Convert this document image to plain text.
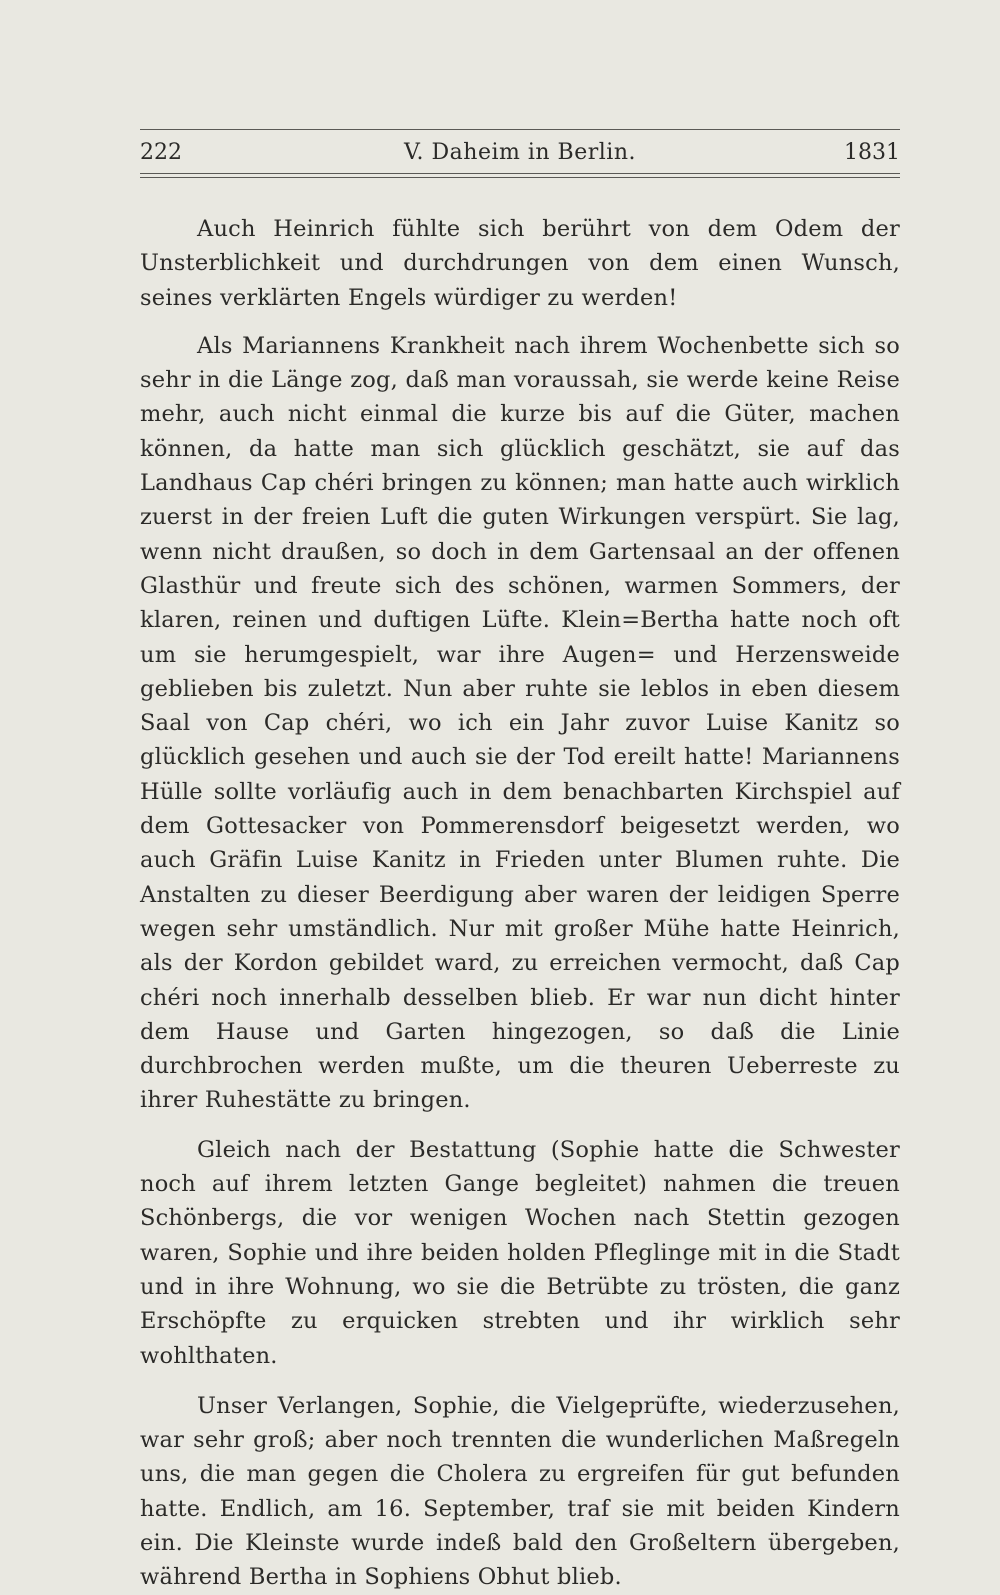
222	V. Daheim in Berlin.	1831

Auch Heinrich fühlte sich berührt von dem Odem der Unsterblichkeit und durchdrungen von dem einen Wunsch, seines verklärten Engels würdiger zu werden!

Als Mariannens Krankheit nach ihrem Wochenbette sich so sehr in die Länge zog, daß man voraussah, sie werde keine Reise mehr, auch nicht einmal die kurze bis auf die Güter, machen können, da hatte man sich glücklich geschätzt, sie auf das Landhaus Cap chéri bringen zu können; man hatte auch wirklich zuerst in der freien Luft die guten Wirkungen verspürt. Sie lag, wenn nicht draußen, so doch in dem Gartensaal an der offenen Glasthür und freute sich des schönen, warmen Sommers, der klaren, reinen und duftigen Lüfte. Klein=Bertha hatte noch oft um sie herumgespielt, war ihre Augen= und Herzensweide geblieben bis zuletzt. Nun aber ruhte sie leblos in eben diesem Saal von Cap chéri, wo ich ein Jahr zuvor Luise Kanitz so glücklich gesehen und auch sie der Tod ereilt hatte! Mariannens Hülle sollte vorläufig auch in dem benachbarten Kirchspiel auf dem Gottesacker von Pommerensdorf beigesetzt werden, wo auch Gräfin Luise Kanitz in Frieden unter Blumen ruhte. Die Anstalten zu dieser Beerdigung aber waren der leidigen Sperre wegen sehr umständlich. Nur mit großer Mühe hatte Heinrich, als der Kordon gebildet ward, zu erreichen vermocht, daß Cap chéri noch innerhalb desselben blieb. Er war nun dicht hinter dem Hause und Garten hingezogen, so daß die Linie durchbrochen werden mußte, um die theuren Ueberreste zu ihrer Ruhestätte zu bringen.

Gleich nach der Bestattung (Sophie hatte die Schwester noch auf ihrem letzten Gange begleitet) nahmen die treuen Schönbergs, die vor wenigen Wochen nach Stettin gezogen waren, Sophie und ihre beiden holden Pfleglinge mit in die Stadt und in ihre Wohnung, wo sie die Betrübte zu trösten, die ganz Erschöpfte zu erquicken strebten und ihr wirklich sehr wohlthaten.

Unser Verlangen, Sophie, die Vielgeprüfte, wiederzusehen, war sehr groß; aber noch trennten die wunderlichen Maßregeln uns, die man gegen die Cholera zu ergreifen für gut befunden hatte. Endlich, am 16. September, traf sie mit beiden Kindern ein. Die Kleinste wurde indeß bald den Großeltern übergeben, während Bertha in Sophiens Obhut blieb.
